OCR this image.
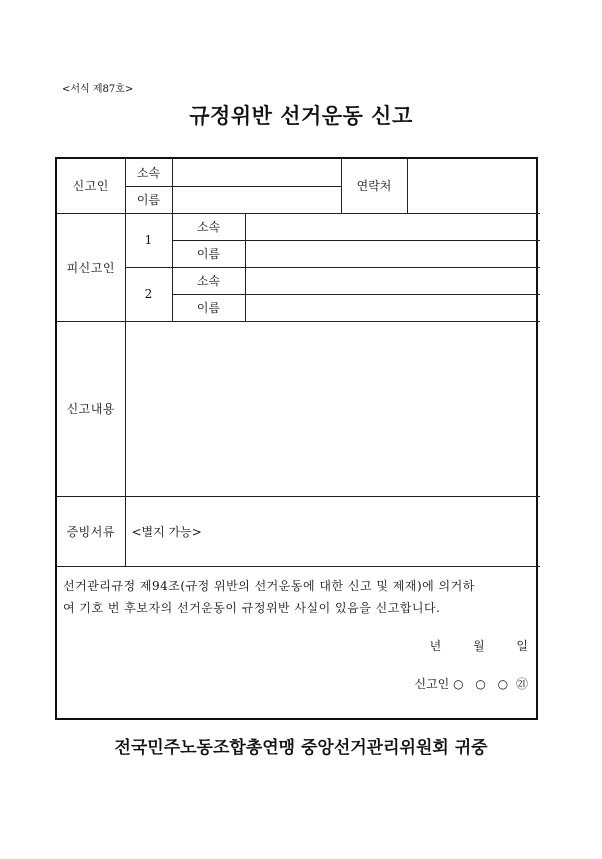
<서식 제87호>
규정위반 선거운동 신고
신고인	소속			연락처	
	이름				
피신고인	1	소속			
		이름			
	2	소속			
		이름			
신고내용					
증빙서류	<별지 가능>				
선거관리규정 제94조(규정 위반의 선거운동에 대한 신고 및 제재)에 의거하
여 기호 번 후보자의 선거운동이 규정위반 사실이 있음을 신고합니다.
년	월	일
신고인 ○ ○ ○ ㉑
전국민주노동조합총연맹 중앙선거관리위원회 귀중
